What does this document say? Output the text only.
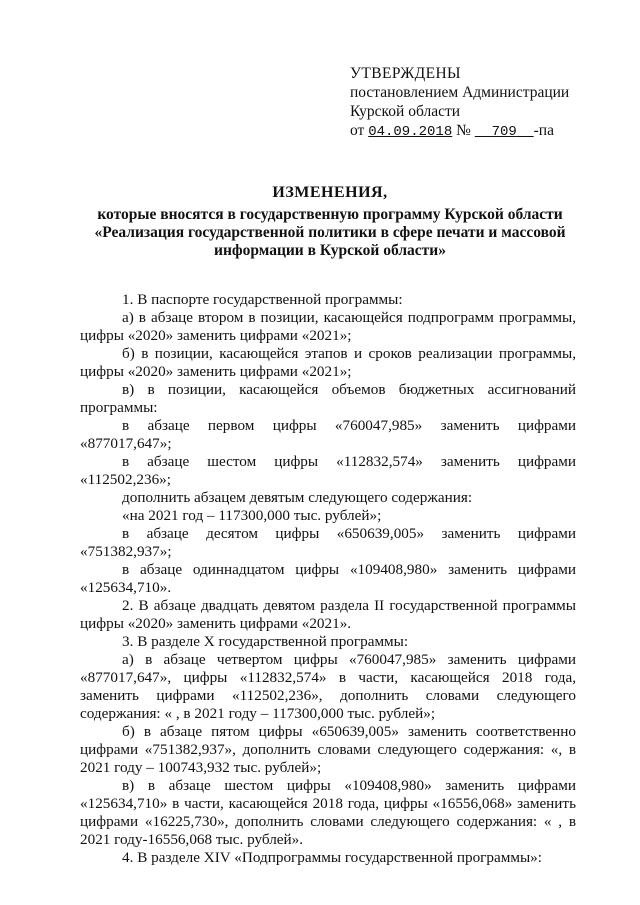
УТВЕРЖДЕНЫ
постановлением Администрации
Курской области
от 04.09.2018 № 709 -па
ИЗМЕНЕНИЯ,
которые вносятся в государственную программу Курской области
«Реализация государственной политики в сфере печати и массовой
информации в Курской области»

1. В паспорте государственной программы:

а) в абзаце втором в позиции, касающейся подпрограмм программы, цифры «2020» заменить цифрами «2021»;

б) в позиции, касающейся этапов и сроков реализации программы, цифры «2020» заменить цифрами «2021»;

в) в позиции, касающейся объемов бюджетных ассигнований программы:

в абзаце первом цифры «760047,985» заменить цифрами «877017,647»;

в абзаце шестом цифры «112832,574» заменить цифрами «112502,236»;

дополнить абзацем девятым следующего содержания:

«на 2021 год – 117300,000 тыс. рублей»;

в абзаце десятом цифры «650639,005» заменить цифрами «751382,937»;

в абзаце одиннадцатом цифры «109408,980» заменить цифрами «125634,710».

2. В абзаце двадцать девятом раздела II государственной программы цифры «2020» заменить цифрами «2021».

3. В разделе X государственной программы:

а) в абзаце четвертом цифры «760047,985» заменить цифрами «877017,647», цифры «112832,574» в части, касающейся 2018 года, заменить цифрами «112502,236», дополнить словами следующего содержания: « , в 2021 году – 117300,000 тыс. рублей»;

б) в абзаце пятом цифры «650639,005» заменить соответственно цифрами «751382,937», дополнить словами следующего содержания: «, в 2021 году – 100743,932 тыс. рублей»;

в) в абзаце шестом цифры «109408,980» заменить цифрами «125634,710» в части, касающейся 2018 года, цифры «16556,068» заменить цифрами «16225,730», дополнить словами следующего содержания: « , в 2021 году-16556,068 тыс. рублей».

4. В разделе XIV «Подпрограммы государственной программы»:
